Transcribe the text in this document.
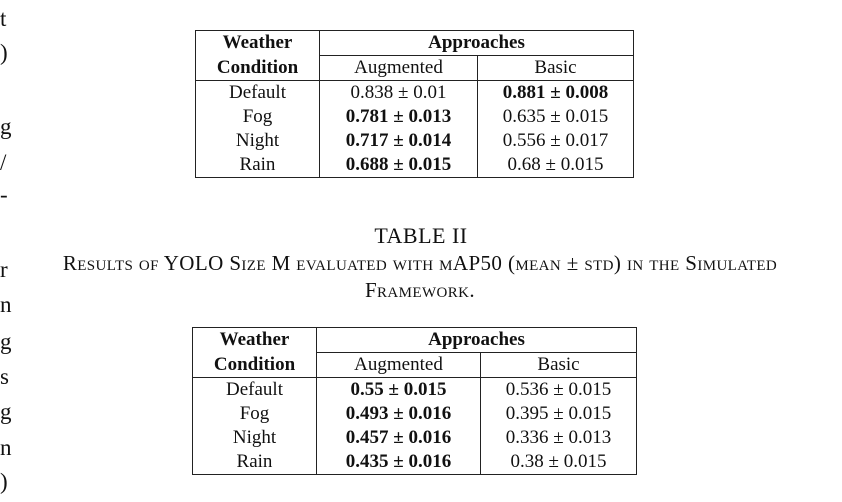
t
)
g
/
-
r
n
g
s
g
n
)
Weather	Approaches	
Condition	Augmented	Basic
Default	0.838 ± 0.01	0.881 ± 0.008
Fog	0.781 ± 0.013	0.635 ± 0.015
Night	0.717 ± 0.014	0.556 ± 0.017
Rain	0.688 ± 0.015	0.68 ± 0.015
TABLE II
Results of YOLO Size M evaluated with mAP50 (mean ± std) in the Simulated Framework.
Weather	Approaches	
Condition	Augmented	Basic
Default	0.55 ± 0.015	0.536 ± 0.015
Fog	0.493 ± 0.016	0.395 ± 0.015
Night	0.457 ± 0.016	0.336 ± 0.013
Rain	0.435 ± 0.016	0.38 ± 0.015
